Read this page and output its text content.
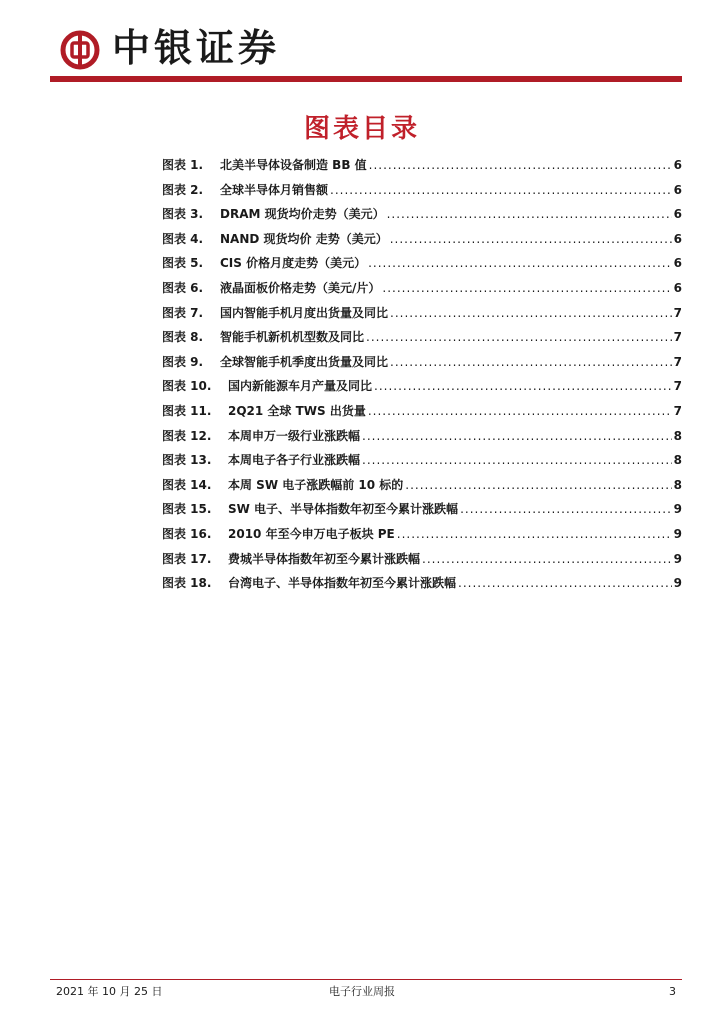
中银证券
图表目录
图表 1.	北美半导体设备制造 BB 值 .....	6
图表 2.	全球半导体月销售额 .....	6
图表 3.	DRAM 现货均价走势（美元） .....	6
图表 4.	NAND 现货均价 走势（美元） .....	6
图表 5.	CIS 价格月度走势（美元） .....	6
图表 6.	液晶面板价格走势（美元/片） .....	6
图表 7.	国内智能手机月度出货量及同比 .....	7
图表 8.	智能手机新机机型数及同比 .....	7
图表 9.	全球智能手机季度出货量及同比 .....	7
图表 10.	国内新能源车月产量及同比 .....	7
图表 11.	2Q21 全球 TWS 出货量 .....	7
图表 12.	本周申万一级行业涨跌幅 .....	8
图表 13.	本周电子各子行业涨跌幅 .....	8
图表 14.	本周 SW 电子涨跌幅前 10 标的 .....	8
图表 15.	SW 电子、半导体指数年初至今累计涨跌幅 .....	9
图表 16.	2010 年至今申万电子板块 PE .....	9
图表 17.	费城半导体指数年初至今累计涨跌幅 .....	9
图表 18.	台湾电子、半导体指数年初至今累计涨跌幅 .....	9
2021 年 10 月 25 日	电子行业周报	3
